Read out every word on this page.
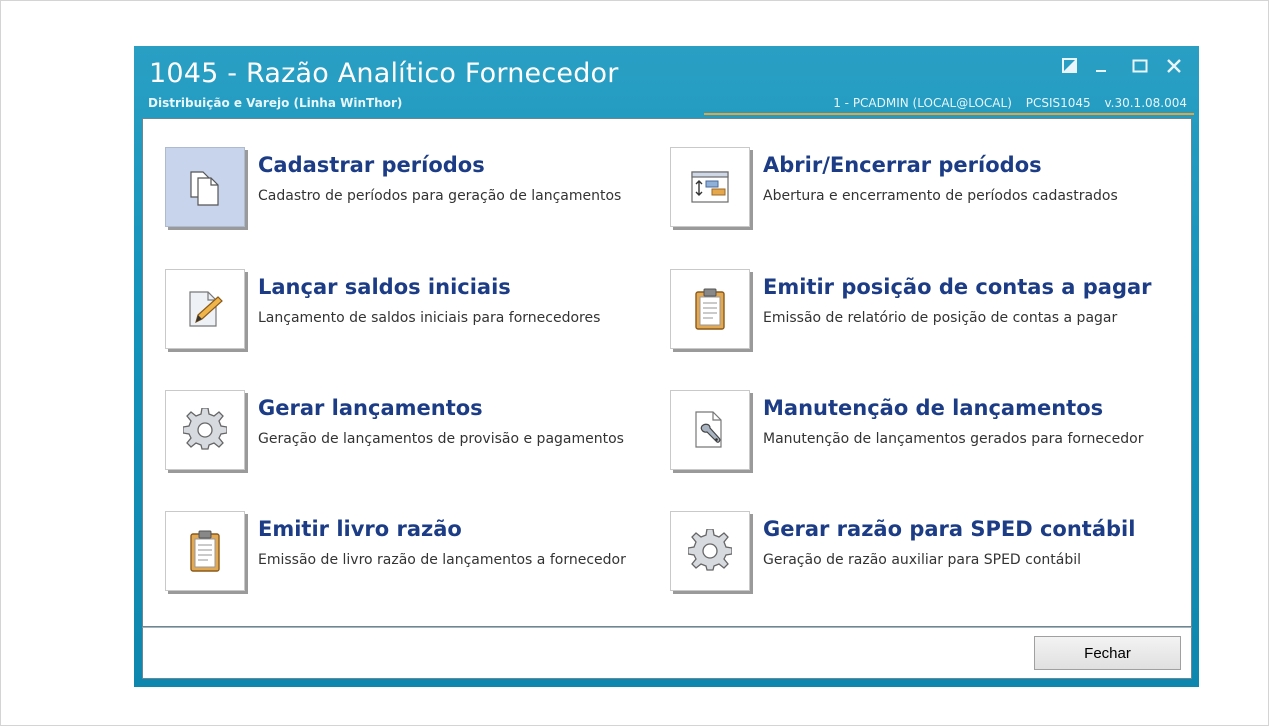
1045 - Razão Analítico Fornecedor
Distribuição e Varejo (Linha WinThor)	1 - PCADMIN (LOCAL@LOCAL) PCSIS1045 v.30.1.08.004
Cadastrar períodos
Cadastro de períodos para geração de lançamentos
Abrir/Encerrar períodos
Abertura e encerramento de períodos cadastrados
Lançar saldos iniciais
Lançamento de saldos iniciais para fornecedores
Emitir posição de contas a pagar
Emissão de relatório de posição de contas a pagar
Gerar lançamentos
Geração de lançamentos de provisão e pagamentos
Manutenção de lançamentos
Manutenção de lançamentos gerados para fornecedor
Emitir livro razão
Emissão de livro razão de lançamentos a fornecedor
Gerar razão para SPED contábil
Geração de razão auxiliar para SPED contábil
Fechar
